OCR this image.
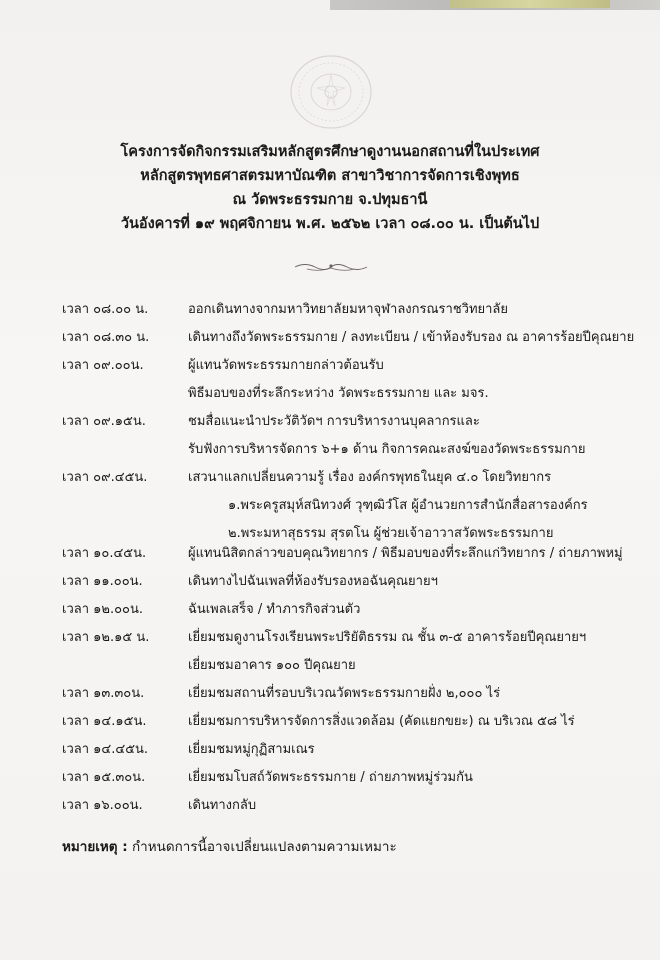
โครงการจัดกิจกรรมเสริมหลักสูตรศึกษาดูงานนอกสถานที่ในประเทศ
หลักสูตรพุทธศาสตรมหาบัณฑิต สาขาวิชาการจัดการเชิงพุทธ
ณ วัดพระธรรมกาย จ.ปทุมธานี
วันอังคารที่ ๑๙ พฤศจิกายน พ.ศ. ๒๕๖๒ เวลา ๐๘.๐๐ น. เป็นต้นไป
เวลา ๐๘.๐๐ น.	ออกเดินทางจากมหาวิทยาลัยมหาจุฬาลงกรณราชวิทยาลัย
เวลา ๐๘.๓๐ น.	เดินทางถึงวัดพระธรรมกาย / ลงทะเบียน / เข้าห้องรับรอง ณ อาคารร้อยปีคุณยาย
เวลา ๐๙.๐๐น.	ผู้แทนวัดพระธรรมกายกล่าวต้อนรับ
พิธีมอบของที่ระลึกระหว่าง วัดพระธรรมกาย และ มจร.
เวลา ๐๙.๑๕น.	ชมสื่อแนะนำประวัติวัดฯ การบริหารงานบุคลากรและ
รับฟังการบริหารจัดการ ๖+๑ ด้าน กิจการคณะสงฆ์ของวัดพระธรรมกาย
เวลา ๐๙.๔๕น.	เสวนาแลกเปลี่ยนความรู้ เรื่อง องค์กรพุทธในยุค ๔.๐ โดยวิทยากร
๑.พระครูสมุห์สนิทวงศ์ วุฑฺฒิวํโส ผู้อำนวยการสำนักสื่อสารองค์กร
๒.พระมหาสุธรรม สุรตโน ผู้ช่วยเจ้าอาวาสวัดพระธรรมกาย
เวลา ๑๐.๔๕น.	ผู้แทนนิสิตกล่าวขอบคุณวิทยากร / พิธีมอบของที่ระลึกแก่วิทยากร / ถ่ายภาพหมู่
เวลา ๑๑.๐๐น.	เดินทางไปฉันเพลที่ห้องรับรองหอฉันคุณยายฯ
เวลา ๑๒.๐๐น.	ฉันเพลเสร็จ / ทำภารกิจส่วนตัว
เวลา ๑๒.๑๕ น.	เยี่ยมชมดูงานโรงเรียนพระปริยัติธรรม ณ ชั้น ๓-๕ อาคารร้อยปีคุณยายฯ
เยี่ยมชมอาคาร ๑๐๐ ปีคุณยาย
เวลา ๑๓.๓๐น.	เยี่ยมชมสถานที่รอบบริเวณวัดพระธรรมกายฝั่ง ๒,๐๐๐ ไร่
เวลา ๑๔.๑๕น.	เยี่ยมชมการบริหารจัดการสิ่งแวดล้อม (คัดแยกขยะ) ณ บริเวณ ๕๘ ไร่
เวลา ๑๔.๔๕น.	เยี่ยมชมหมู่กุฏิสามเณร
เวลา ๑๕.๓๐น.	เยี่ยมชมโบสถ์วัดพระธรรมกาย / ถ่ายภาพหมู่ร่วมกัน
เวลา ๑๖.๐๐น.	เดินทางกลับ
หมายเหตุ : กำหนดการนี้อาจเปลี่ยนแปลงตามความเหมาะ
